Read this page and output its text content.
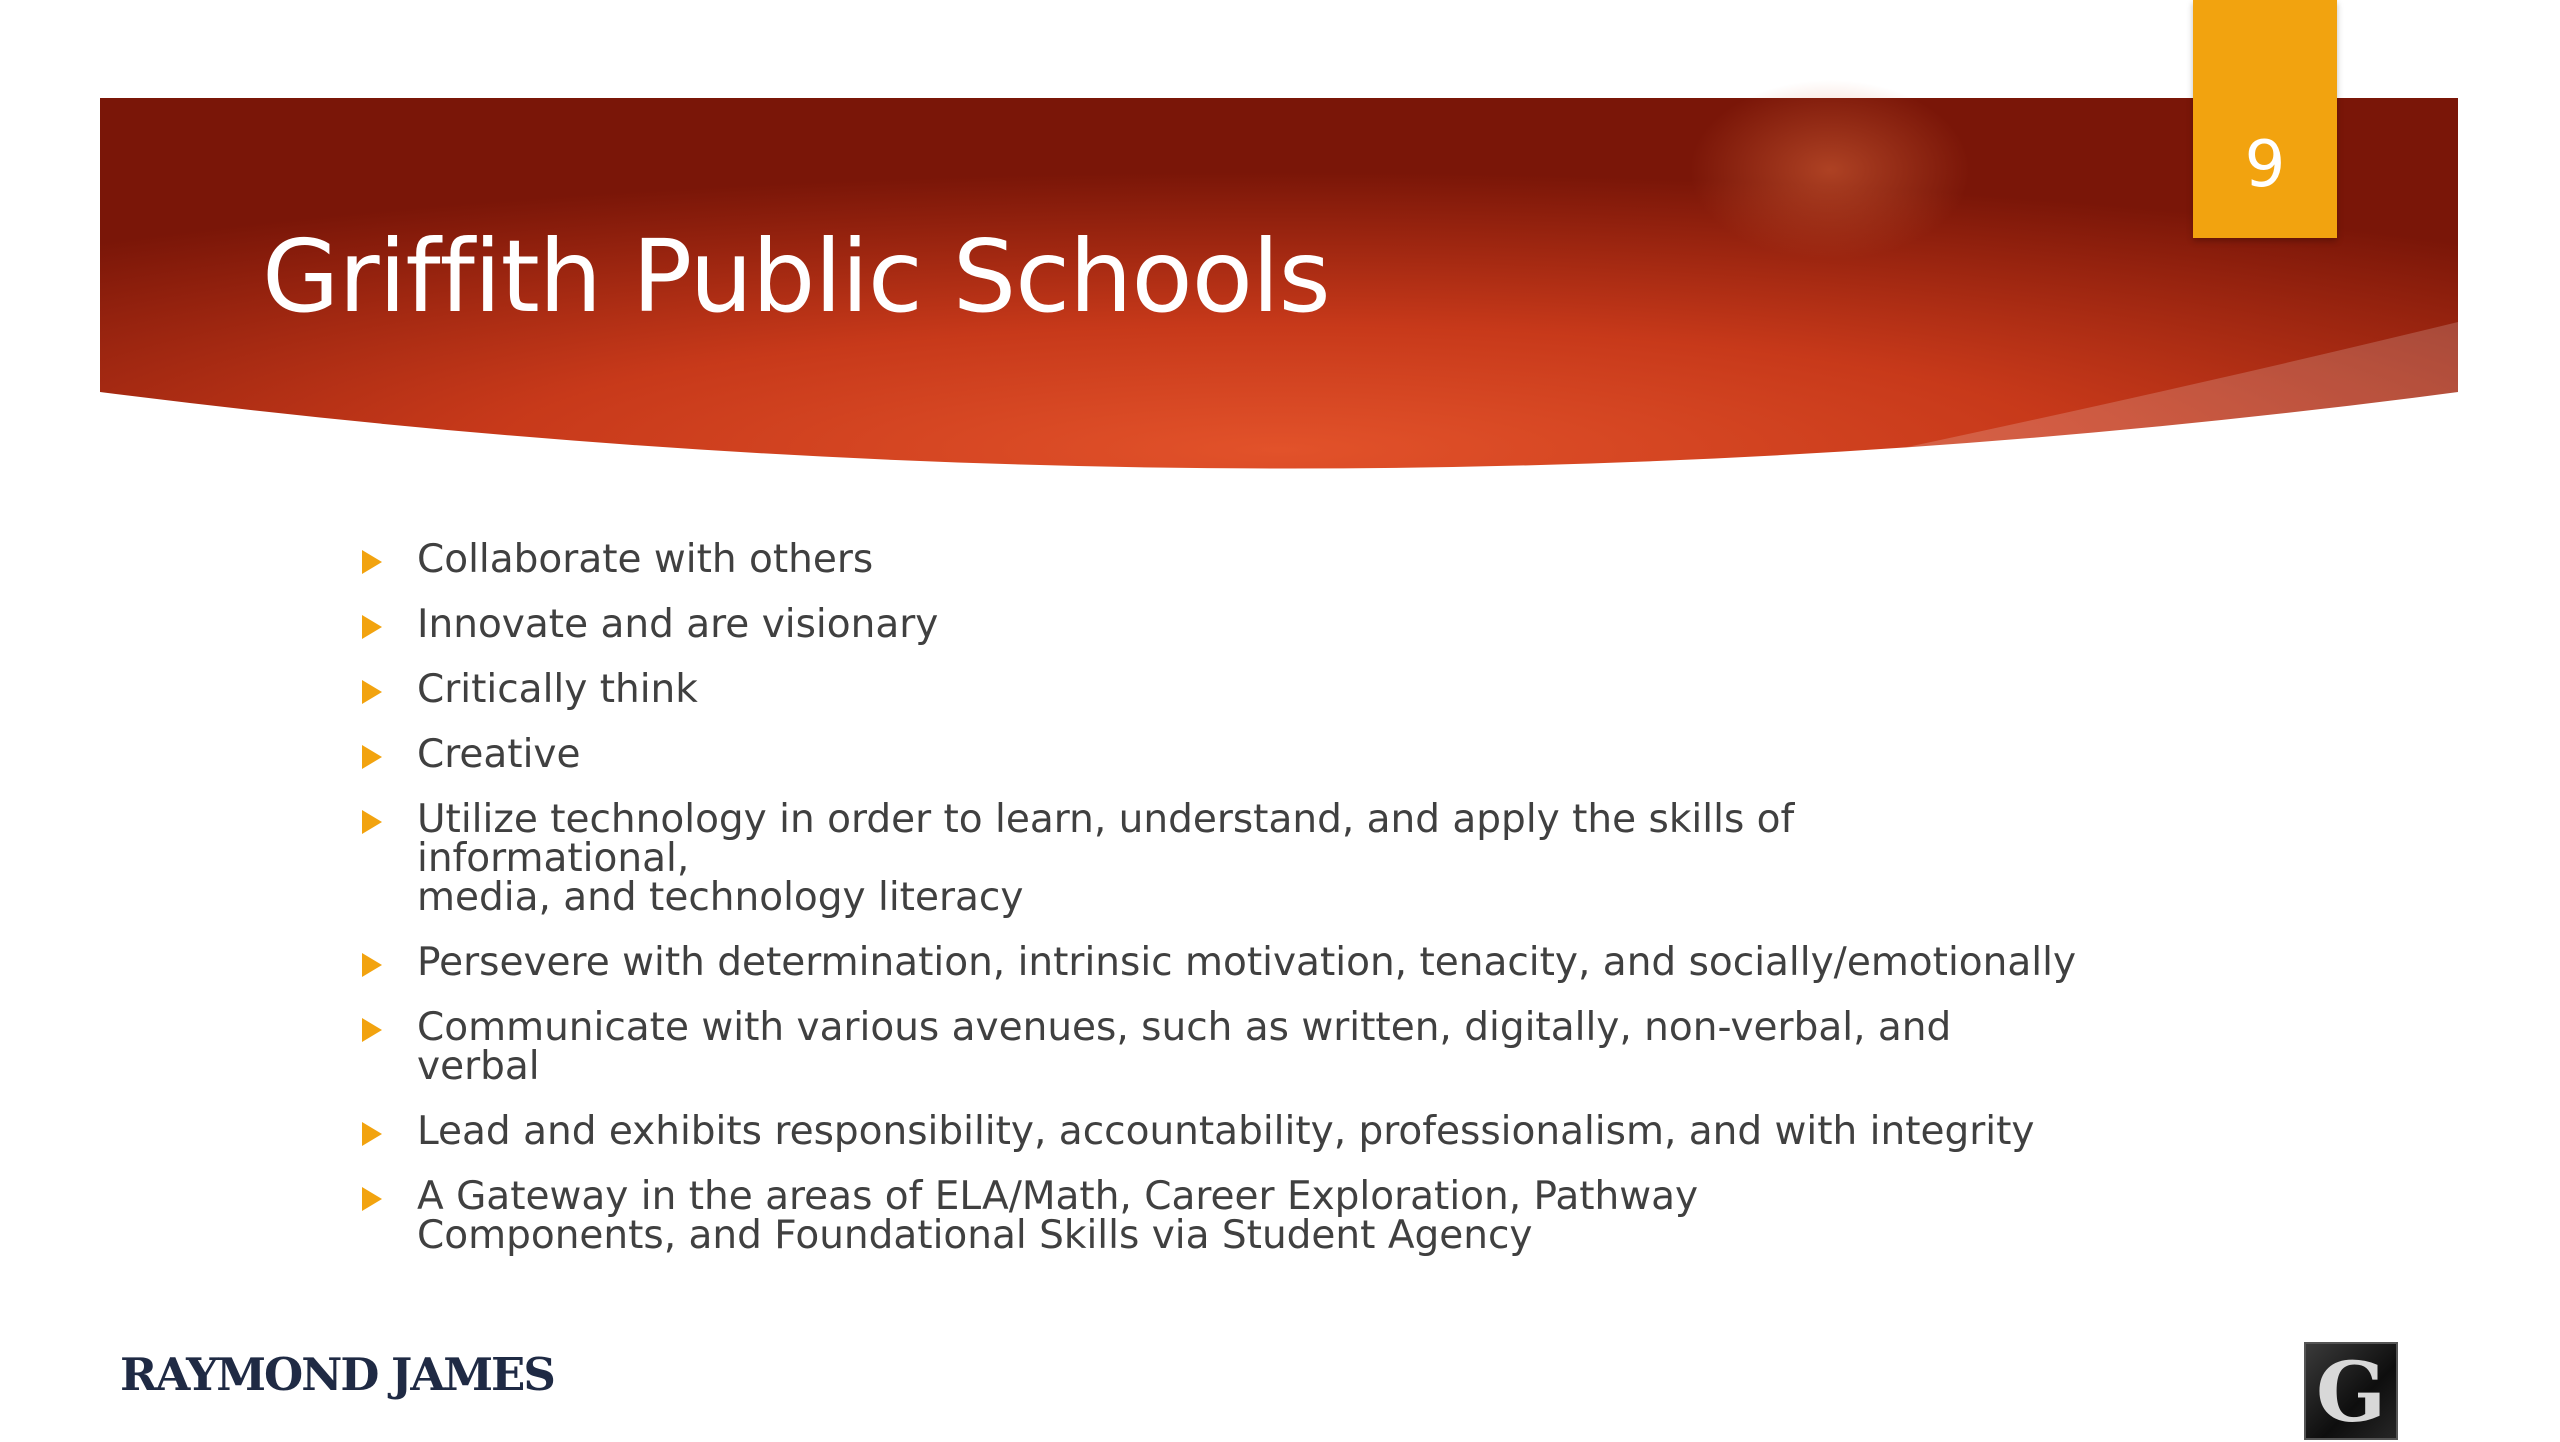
Griffith Public Schools
9
Collaborate with others
Innovate and are visionary
Critically think
Creative
Utilize technology in order to learn, understand, and apply the skills of informational,
media, and technology literacy
Persevere with determination, intrinsic motivation, tenacity, and socially/emotionally
Communicate with various avenues, such as written, digitally, non-verbal, and
verbal
Lead and exhibits responsibility, accountability, professionalism, and with integrity
A Gateway in the areas of ELA/Math, Career Exploration, Pathway
Components, and Foundational Skills via Student Agency
RAYMOND JAMES	G
